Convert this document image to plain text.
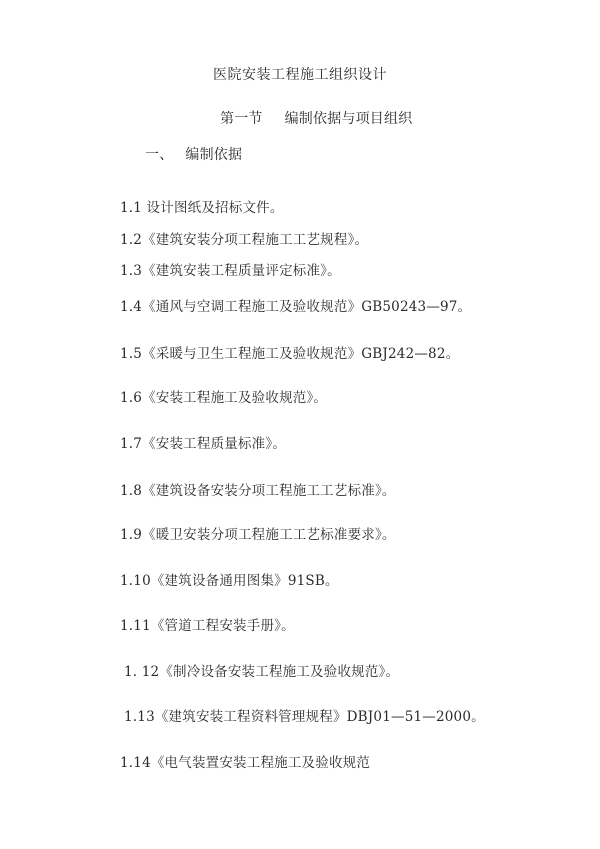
医院安装工程施工组织设计
第一节 编制依据与项目组织
一、 编制依据
1.1 设计图纸及招标文件。
1.2《建筑安装分项工程施工工艺规程》。
1.3《建筑安装工程质量评定标准》。
1.4《通风与空调工程施工及验收规范》GB50243—97。
1.5《采暖与卫生工程施工及验收规范》GBJ242—82。
1.6《安装工程施工及验收规范》。
1.7《安装工程质量标准》。
1.8《建筑设备安装分项工程施工工艺标准》。
1.9《暖卫安装分项工程施工工艺标准要求》。
1.10《建筑设备通用图集》91SB。
1.11《管道工程安装手册》。
1. 12《制冷设备安装工程施工及验收规范》。
1.13《建筑安装工程资料管理规程》DBJ01—51—2000。
1.14《电气装置安装工程施工及验收规范
